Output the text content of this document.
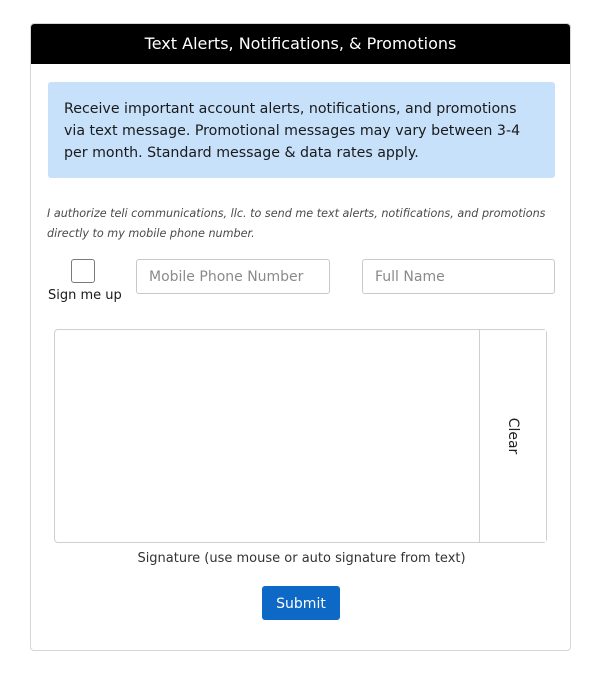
Text Alerts, Notifications, & Promotions
Receive important account alerts, notifications, and promotions via text message. Promotional messages may vary between 3-4 per month. Standard message & data rates apply.
I authorize teli communications, llc. to send me text alerts, notifications, and promotions directly to my mobile phone number.
Sign me up
Mobile Phone Number
Full Name
Clear
Signature (use mouse or auto signature from text)
Submit
